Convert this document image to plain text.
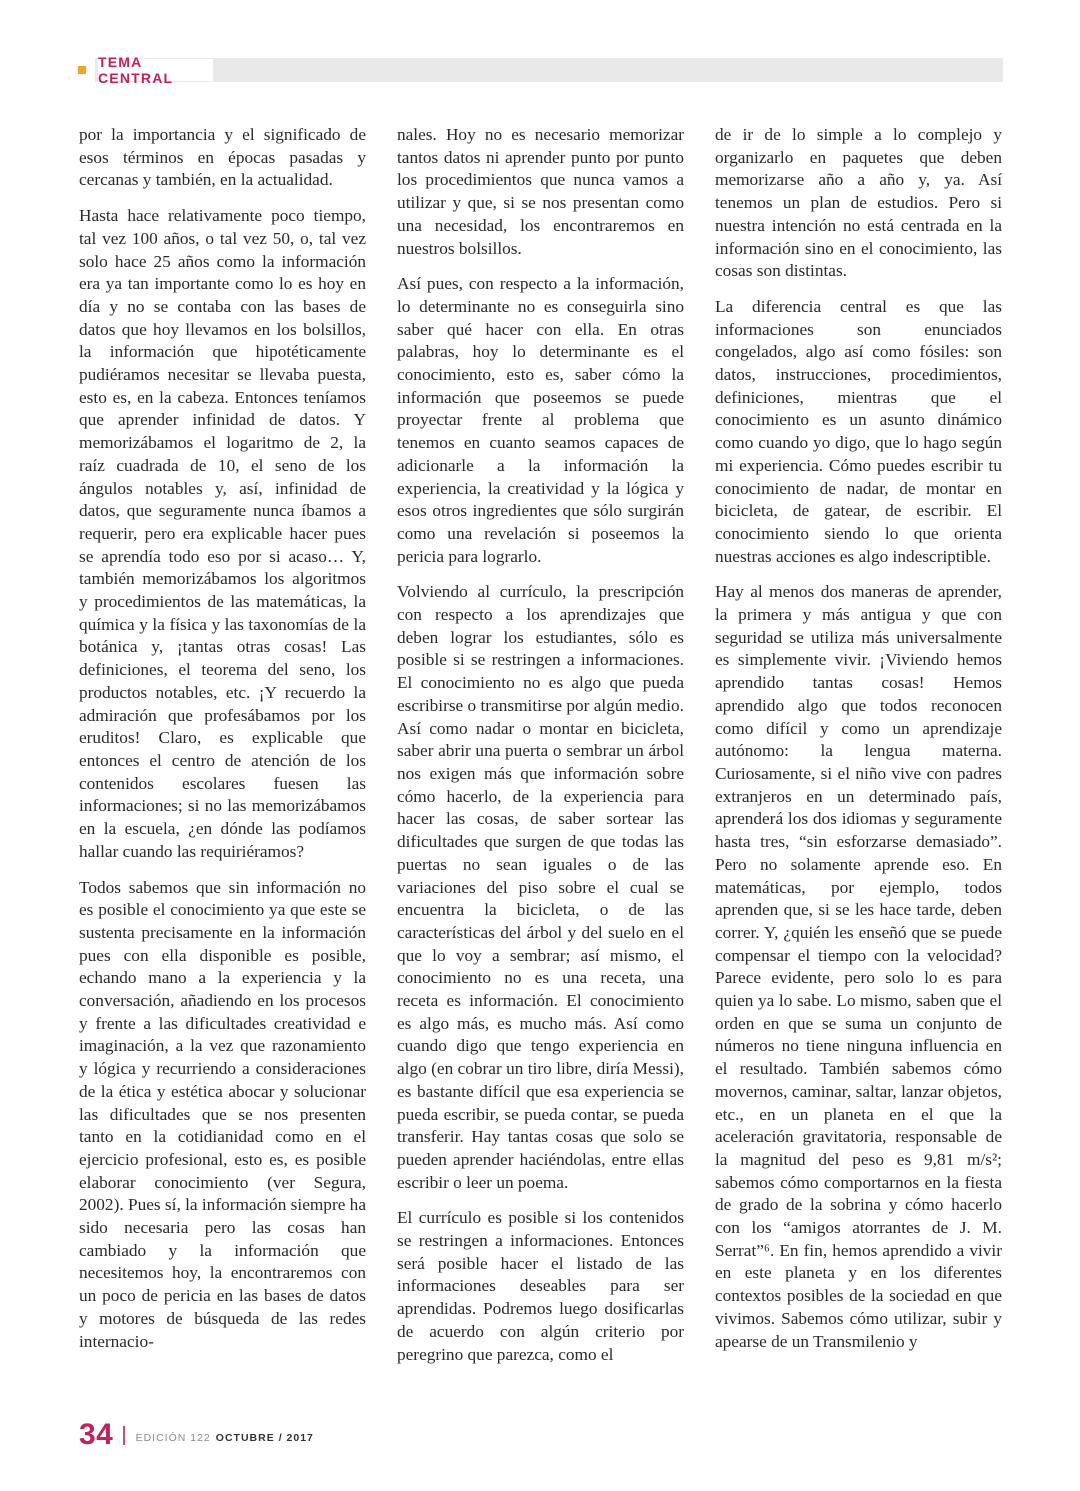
TEMA CENTRAL

por la importancia y el significado de esos términos en épocas pasadas y cercanas y también, en la actualidad.

Hasta hace relativamente poco tiempo, tal vez 100 años, o tal vez 50, o, tal vez solo hace 25 años como la información era ya tan importante como lo es hoy en día y no se contaba con las bases de datos que hoy llevamos en los bolsillos, la información que hipotéticamente pudiéramos necesitar se llevaba puesta, esto es, en la cabeza. Entonces teníamos que aprender infinidad de datos. Y memorizábamos el logaritmo de 2, la raíz cuadrada de 10, el seno de los ángulos notables y, así, infinidad de datos, que seguramente nunca íbamos a requerir, pero era explicable hacer pues se aprendía todo eso por si acaso… Y, también memorizábamos los algoritmos y procedimientos de las matemáticas, la química y la física y las taxonomías de la botánica y, ¡tantas otras cosas! Las definiciones, el teorema del seno, los productos notables, etc. ¡Y recuerdo la admiración que profesábamos por los eruditos! Claro, es explicable que entonces el centro de atención de los contenidos escolares fuesen las informaciones; si no las memorizábamos en la escuela, ¿en dónde las podíamos hallar cuando las requiriéramos?

Todos sabemos que sin información no es posible el conocimiento ya que este se sustenta precisamente en la información pues con ella disponible es posible, echando mano a la experiencia y la conversación, añadiendo en los procesos y frente a las dificultades creatividad e imaginación, a la vez que razonamiento y lógica y recurriendo a consideraciones de la ética y estética abocar y solucionar las dificultades que se nos presenten tanto en la cotidianidad como en el ejercicio profesional, esto es, es posible elaborar conocimiento (ver Segura, 2002). Pues sí, la información siempre ha sido necesaria pero las cosas han cambiado y la información que necesitemos hoy, la encontraremos con un poco de pericia en las bases de datos y motores de búsqueda de las redes internacio-

nales. Hoy no es necesario memorizar tantos datos ni aprender punto por punto los procedimientos que nunca vamos a utilizar y que, si se nos presentan como una necesidad, los encontraremos en nuestros bolsillos.

Así pues, con respecto a la información, lo determinante no es conseguirla sino saber qué hacer con ella. En otras palabras, hoy lo determinante es el conocimiento, esto es, saber cómo la información que poseemos se puede proyectar frente al problema que tenemos en cuanto seamos capaces de adicionarle a la información la experiencia, la creatividad y la lógica y esos otros ingredientes que sólo surgirán como una revelación si poseemos la pericia para lograrlo.

Volviendo al currículo, la prescripción con respecto a los aprendizajes que deben lograr los estudiantes, sólo es posible si se restringen a informaciones. El conocimiento no es algo que pueda escribirse o transmitirse por algún medio. Así como nadar o montar en bicicleta, saber abrir una puerta o sembrar un árbol nos exigen más que información sobre cómo hacerlo, de la experiencia para hacer las cosas, de saber sortear las dificultades que surgen de que todas las puertas no sean iguales o de las variaciones del piso sobre el cual se encuentra la bicicleta, o de las características del árbol y del suelo en el que lo voy a sembrar; así mismo, el conocimiento no es una receta, una receta es información. El conocimiento es algo más, es mucho más. Así como cuando digo que tengo experiencia en algo (en cobrar un tiro libre, diría Messi), es bastante difícil que esa experiencia se pueda escribir, se pueda contar, se pueda transferir. Hay tantas cosas que solo se pueden aprender haciéndolas, entre ellas escribir o leer un poema.

El currículo es posible si los contenidos se restringen a informaciones. Entonces será posible hacer el listado de las informaciones deseables para ser aprendidas. Podremos luego dosificarlas de acuerdo con algún criterio por peregrino que parezca, como el

de ir de lo simple a lo complejo y organizarlo en paquetes que deben memorizarse año a año y, ya. Así tenemos un plan de estudios. Pero si nuestra intención no está centrada en la información sino en el conocimiento, las cosas son distintas.

La diferencia central es que las informaciones son enunciados congelados, algo así como fósiles: son datos, instrucciones, procedimientos, definiciones, mientras que el conocimiento es un asunto dinámico como cuando yo digo, que lo hago según mi experiencia. Cómo puedes escribir tu conocimiento de nadar, de montar en bicicleta, de gatear, de escribir. El conocimiento siendo lo que orienta nuestras acciones es algo indescriptible.

Hay al menos dos maneras de aprender, la primera y más antigua y que con seguridad se utiliza más universalmente es simplemente vivir. ¡Viviendo hemos aprendido tantas cosas! Hemos aprendido algo que todos reconocen como difícil y como un aprendizaje autónomo: la lengua materna. Curiosamente, si el niño vive con padres extranjeros en un determinado país, aprenderá los dos idiomas y seguramente hasta tres, “sin esforzarse demasiado”. Pero no solamente aprende eso. En matemáticas, por ejemplo, todos aprenden que, si se les hace tarde, deben correr. Y, ¿quién les enseñó que se puede compensar el tiempo con la velocidad? Parece evidente, pero solo lo es para quien ya lo sabe. Lo mismo, saben que el orden en que se suma un conjunto de números no tiene ninguna influencia en el resultado. También sabemos cómo movernos, caminar, saltar, lanzar objetos, etc., en un planeta en el que la aceleración gravitatoria, responsable de la magnitud del peso es 9,81 m/s²; sabemos cómo comportarnos en la fiesta de grado de la sobrina y cómo hacerlo con los “amigos atorrantes de J. M. Serrat”⁶. En fin, hemos aprendido a vivir en este planeta y en los diferentes contextos posibles de la sociedad en que vivimos. Sabemos cómo utilizar, subir y apearse de un Transmilenio y

34 | EDICIÓN 122 OCTUBRE / 2017
